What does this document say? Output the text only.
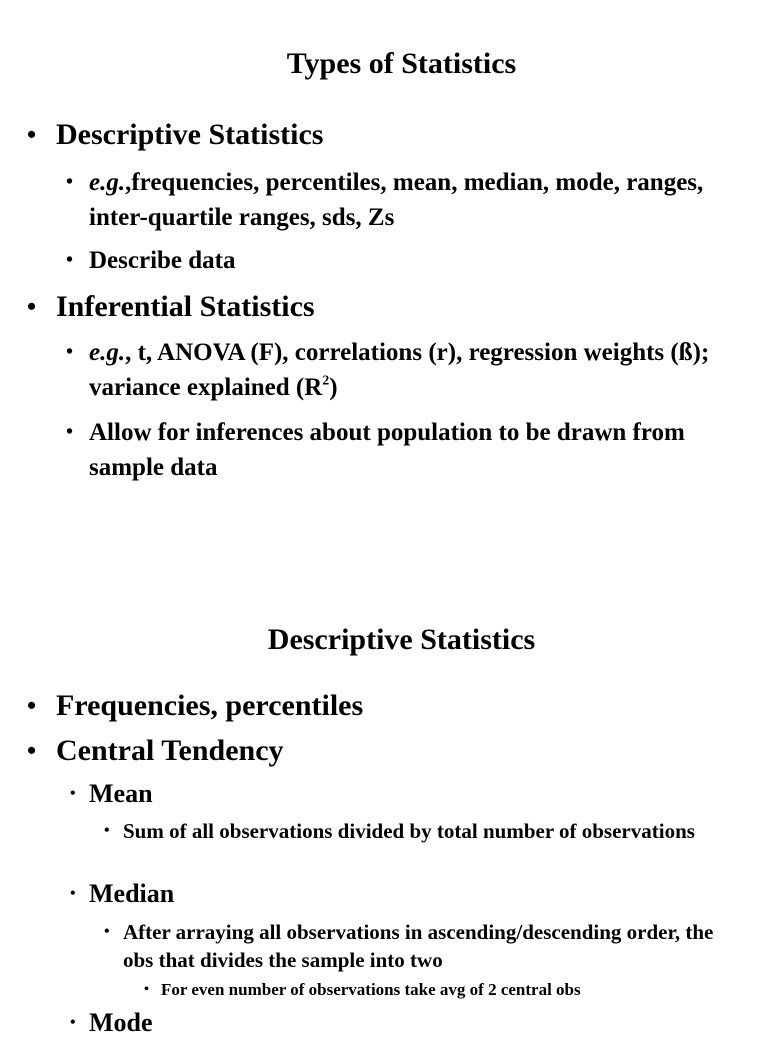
Types of Statistics
• Descriptive Statistics
• e.g.,frequencies, percentiles, mean, median, mode, ranges, inter-quartile ranges, sds, Zs
• Describe data
• Inferential Statistics
• e.g., t, ANOVA (F), correlations (r), regression weights (ß); variance explained $(R^2)$
• Allow for inferences about population to be drawn from sample data
Descriptive Statistics
• Frequencies, percentiles
• Central Tendency
• Mean
• Sum of all observations divided by total number of observations
• Median
• After arraying all observations in ascending/descending order, the obs that divides the sample into two
• For even number of observations take avg of 2 central obs
• Mode
